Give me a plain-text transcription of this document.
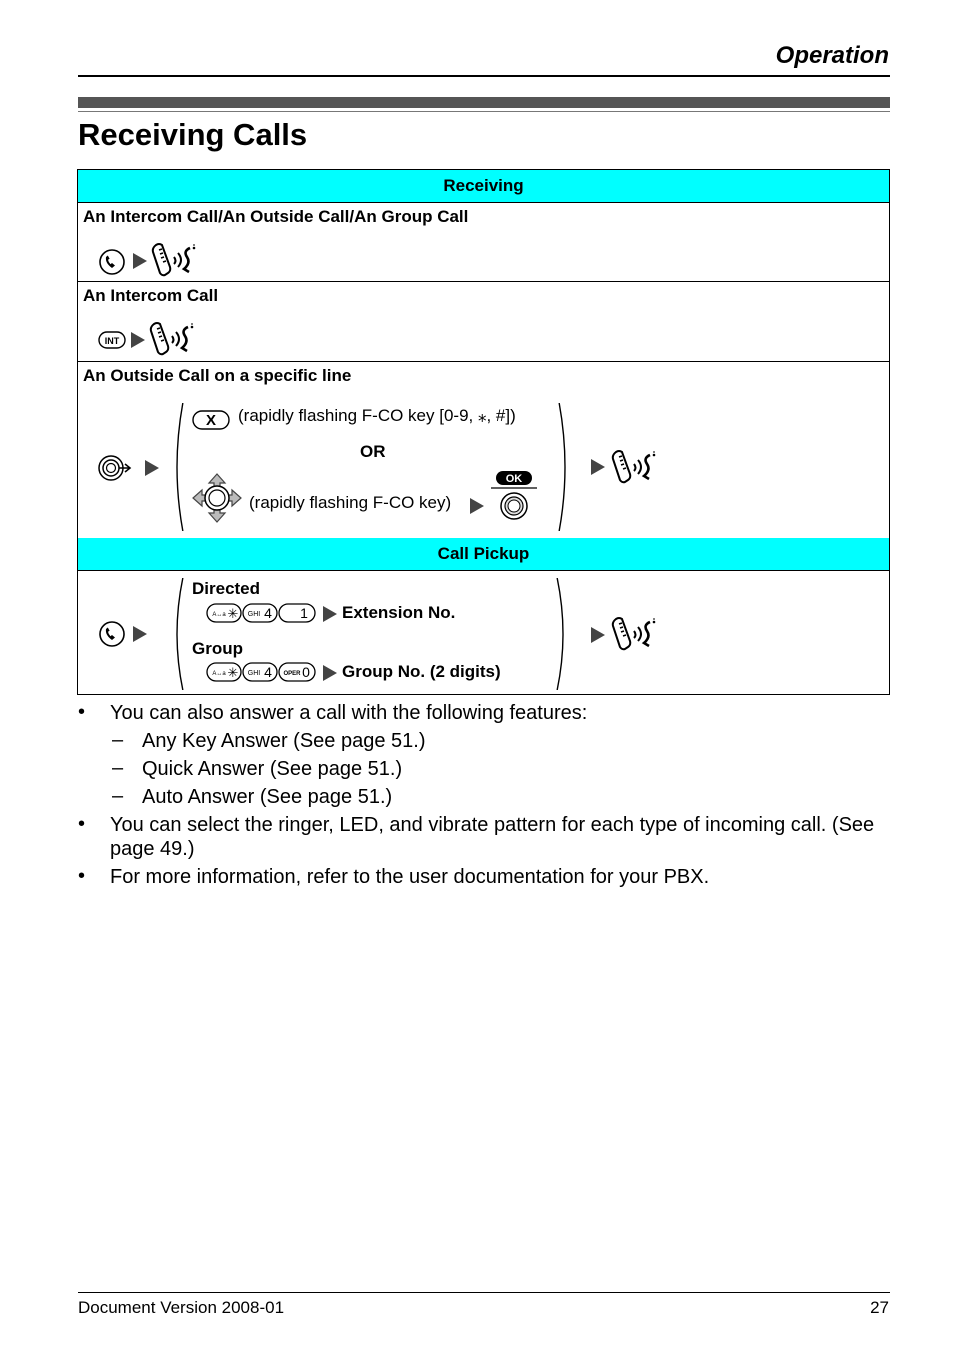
Operation
Receiving Calls
Receiving
An Intercom Call/An Outside Call/An Group Call
An Intercom Call
INT
An Outside Call on a specific line
X (rapidly flashing F-CO key [0-9, ⁎, #])
OR
(rapidly flashing F-CO key)
OK
Call Pickup
Directed
A↔a ✳ GHI 4 1 Extension No.
Group
A↔a ✳ GHI 4 OPER 0 Group No. (2 digits)
• You can also answer a call with the following features:
– Any Key Answer (See page 51.)
– Quick Answer (See page 51.)
– Auto Answer (See page 51.)
• You can select the ringer, LED, and vibrate pattern for each type of incoming call. (See page 49.)
• For more information, refer to the user documentation for your PBX.
Document Version 2008-01	27
